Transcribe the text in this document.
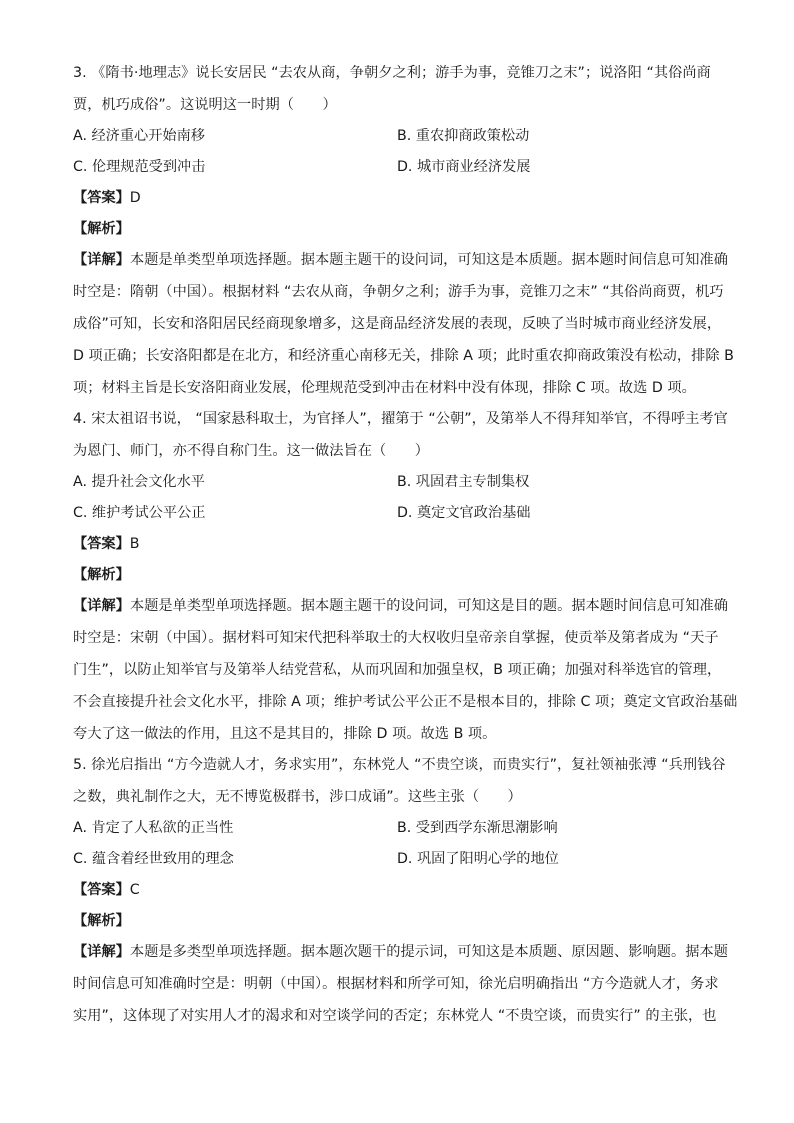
3. 《隋书·地理志》说长安居民 “去农从商，争朝夕之利；游手为事，竞锥刀之末”；说洛阳 “其俗尚商

贾，机巧成俗”。这说明这一时期（　　）

A. 经济重心开始南移	B. 重农抑商政策松动
C. 伦理规范受到冲击	D. 城市商业经济发展

【答案】D

【解析】

【详解】本题是单类型单项选择题。据本题主题干的设问词，可知这是本质题。据本题时间信息可知准确

时空是：隋朝（中国）。根据材料 “去农从商，争朝夕之利；游手为事，竞锥刀之末” “其俗尚商贾，机巧

成俗”可知，长安和洛阳居民经商现象增多，这是商品经济发展的表现，反映了当时城市商业经济发展，

D 项正确；长安洛阳都是在北方，和经济重心南移无关，排除 A 项；此时重农抑商政策没有松动，排除 B

项；材料主旨是长安洛阳商业发展，伦理规范受到冲击在材料中没有体现，排除 C 项。故选 D 项。

4. 宋太祖诏书说， “国家悬科取士，为官择人”，擢第于 “公朝”，及第举人不得拜知举官，不得呼主考官

为恩门、师门，亦不得自称门生。这一做法旨在（　　）

A. 提升社会文化水平	B. 巩固君主专制集权
C. 维护考试公平公正	D. 奠定文官政治基础

【答案】B

【解析】

【详解】本题是单类型单项选择题。据本题主题干的设问词，可知这是目的题。据本题时间信息可知准确

时空是：宋朝（中国）。据材料可知宋代把科举取士的大权收归皇帝亲自掌握，使贡举及第者成为 “天子

门生”，以防止知举官与及第举人结党营私，从而巩固和加强皇权，B 项正确；加强对科举选官的管理，

不会直接提升社会文化水平，排除 A 项；维护考试公平公正不是根本目的，排除 C 项；奠定文官政治基础

夸大了这一做法的作用，且这不是其目的，排除 D 项。故选 B 项。

5. 徐光启指出 “方今造就人才，务求实用”，东林党人 “不贵空谈，而贵实行”，复社领袖张溥 “兵刑钱谷

之数，典礼制作之大，无不博览极群书，涉口成诵”。这些主张（　　）

A. 肯定了人私欲的正当性	B. 受到西学东渐思潮影响
C. 蕴含着经世致用的理念	D. 巩固了阳明心学的地位

【答案】C

【解析】

【详解】本题是多类型单项选择题。据本题次题干的提示词，可知这是本质题、原因题、影响题。据本题

时间信息可知准确时空是：明朝（中国）。根据材料和所学可知，徐光启明确指出 “方今造就人才，务求

实用”，这体现了对实用人才的渴求和对空谈学问的否定；东林党人 “不贵空谈，而贵实行” 的主张，也
